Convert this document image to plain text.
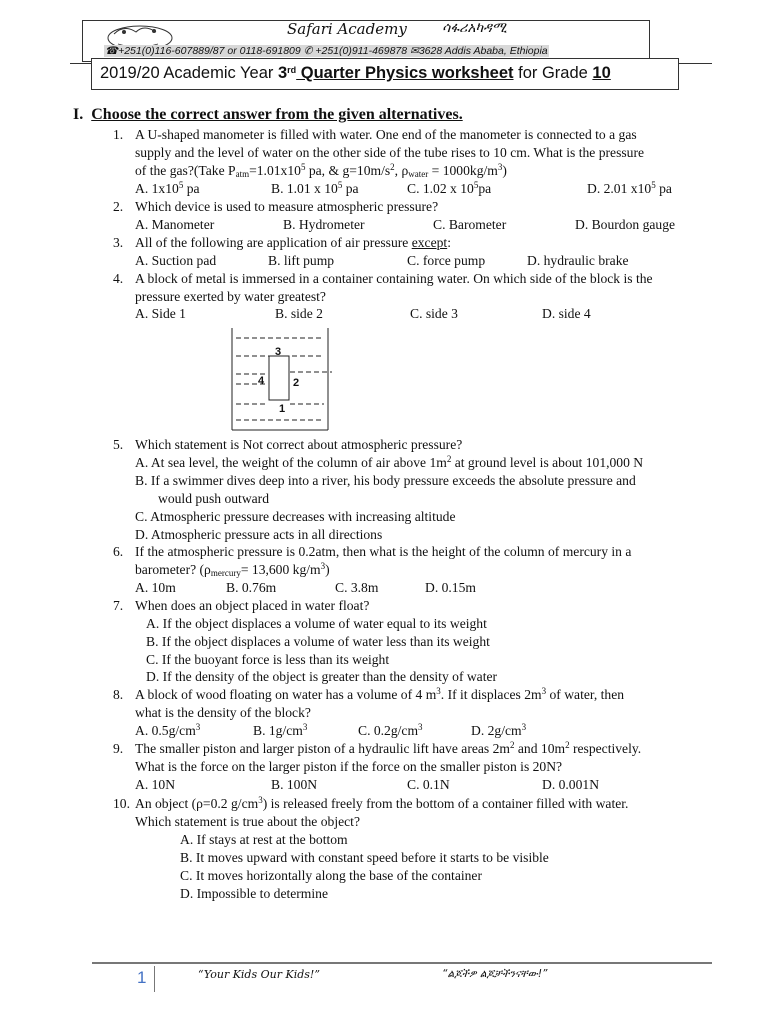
Safari Academy	ሳፋሪአካዳሚ
☎+251(0)116-607889/87 or 0118-691809 ✆ +251(0)911-469878 ✉3628 Addis Ababa, Ethiopia
2019/20 Academic Year 3rd Quarter Physics worksheet for Grade 10
I. Choose the correct answer from the given alternatives.
1. A U-shaped manometer is filled with water. One end of the manometer is connected to a gas
supply and the level of water on the other side of the tube rises to 10 cm. What is the pressure
of the gas?(Take $P_{atm}=1.01x10^5$ pa, & $g=10m/s^2$, $\rho_{water} = 1000kg/m^3$)
A. $1x10^5$ pa	B. 1.01 x $10^5$ pa	C. 1.02 x $10^5pa$	D. 2.01 $x10^5$ pa
2. Which device is used to measure atmospheric pressure?
A. Manometer	B. Hydrometer	C. Barometer	D. Bourdon gauge
3. All of the following are application of air pressure except:
A. Suction pad	B. lift pump	C. force pump	D. hydraulic brake
4. A block of metal is immersed in a container containing water. On which side of the block is the
pressure exerted by water greatest?
A. Side 1	B. side 2	C. side 3	D. side 4
3
4	2
1
5. Which statement is Not correct about atmospheric pressure?
A. At sea level, the weight of the column of air above $1m^2$ at ground level is about 101,000 N
B. If a swimmer dives deep into a river, his body pressure exceeds the absolute pressure and
would push outward
C. Atmospheric pressure decreases with increasing altitude
D. Atmospheric pressure acts in all directions
6. If the atmospheric pressure is 0.2atm, then what is the height of the column of mercury in a
barometer? ($\rho_{mercury}= 13,600$ $kg/m^3$)
A. 10m	B. 0.76m	C. 3.8m	D. 0.15m
7. When does an object placed in water float?
A. If the object displaces a volume of water equal to its weight
B. If the object displaces a volume of water less than its weight
C. If the buoyant force is less than its weight
D. If the density of the object is greater than the density of water
8. A block of wood floating on water has a volume of 4 $m^3$. If it displaces $2m^3$ of water, then
what is the density of the block?
A. $0.5g/cm^3$	B. $1g/cm^3$	C. $0.2g/cm^3$	D. $2g/cm^3$
9. The smaller piston and larger piston of a hydraulic lift have areas $2m^2$ and $10m^2$ respectively.
What is the force on the larger piston if the force on the smaller piston is 20N?
A. 10N	B. 100N	C. 0.1N	D. 0.001N
10. An object (ρ=0.2 $g/cm^3$) is released freely from the bottom of a container filled with water.
Which statement is true about the object?
A. If stays at rest at the bottom
B. It moves upward with constant speed before it starts to be visible
C. It moves horizontally along the base of the container
D. Impossible to determine
1	“Your Kids Our Kids!”	“ልጆችዎ ልጆቻችንናቸው!”
